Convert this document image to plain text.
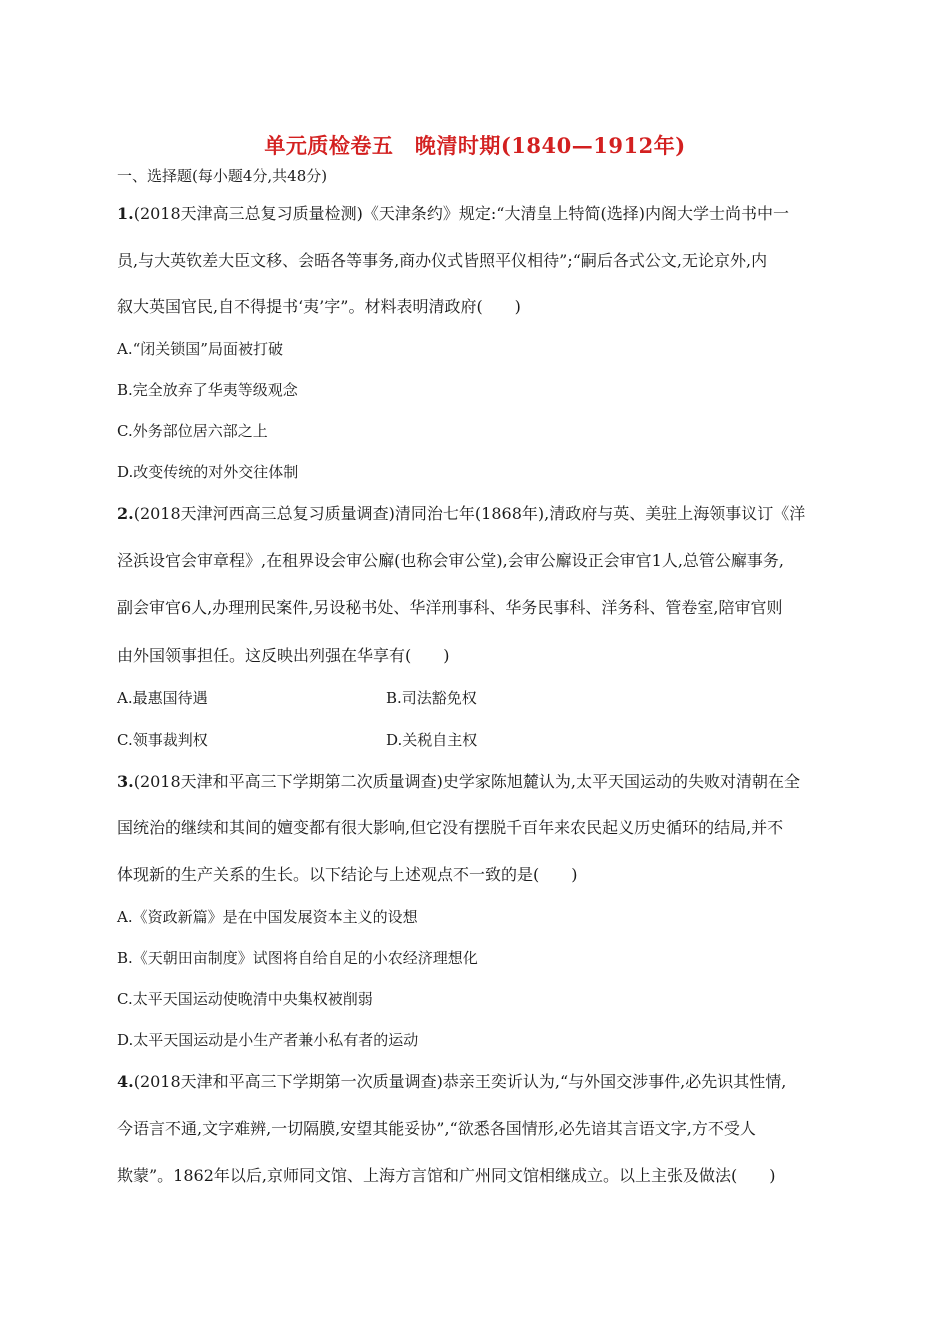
单元质检卷五　晚清时期(1840—1912年)
一、选择题(每小题4分,共48分)
1.(2018天津高三总复习质量检测)《天津条约》规定:“大清皇上特简(选择)内阁大学士尚书中一
员,与大英钦差大臣文移、会晤各等事务,商办仪式皆照平仪相待”;“嗣后各式公文,无论京外,内
叙大英国官民,自不得提书‘夷’字”。材料表明清政府(　　)
A.“闭关锁国”局面被打破
B.完全放弃了华夷等级观念
C.外务部位居六部之上
D.改变传统的对外交往体制
2.(2018天津河西高三总复习质量调查)清同治七年(1868年),清政府与英、美驻上海领事议订《洋
泾浜设官会审章程》,在租界设会审公廨(也称会审公堂),会审公廨设正会审官1人,总管公廨事务,
副会审官6人,办理刑民案件,另设秘书处、华洋刑事科、华务民事科、洋务科、管卷室,陪审官则
由外国领事担任。这反映出列强在华享有(　　)
A.最惠国待遇	B.司法豁免权
C.领事裁判权	D.关税自主权
3.(2018天津和平高三下学期第二次质量调查)史学家陈旭麓认为,太平天国运动的失败对清朝在全
国统治的继续和其间的嬗变都有很大影响,但它没有摆脱千百年来农民起义历史循环的结局,并不
体现新的生产关系的生长。以下结论与上述观点不一致的是(　　)
A.《资政新篇》是在中国发展资本主义的设想
B.《天朝田亩制度》试图将自给自足的小农经济理想化
C.太平天国运动使晚清中央集权被削弱
D.太平天国运动是小生产者兼小私有者的运动
4.(2018天津和平高三下学期第一次质量调查)恭亲王奕䜣认为,“与外国交涉事件,必先识其性情,
今语言不通,文字难辨,一切隔膜,安望其能妥协”,“欲悉各国情形,必先谙其言语文字,方不受人
欺蒙”。1862年以后,京师同文馆、上海方言馆和广州同文馆相继成立。以上主张及做法(　　)
